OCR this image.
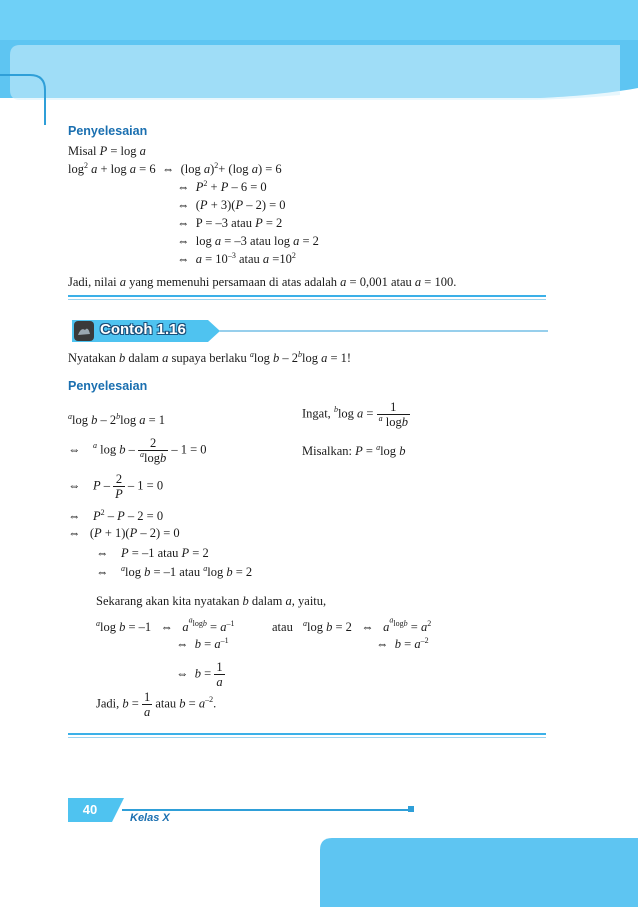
Penyelesaian
Misal P = log a
$\log^2 a + \log a = 6$  ⇔  (log a)$^2$+ (log a) = 6
⇔  $P^2 + P - 6 = 0$
⇔  (P + 3)(P – 2) = 0
⇔  P = –3 atau P = 2
⇔  log a = –3 atau log a = 2
⇔  $a = 10^{-3}$ atau $a =10^2$
Jadi, nilai a yang memenuhi persamaan di atas adalah a = 0,001 atau a = 100.
Contoh 1.16
Nyatakan b dalam a supaya berlaku $^a$log b – 2$^b$log a = 1!
Penyelesaian
$^a$log b – 2$^b$log a = 1	Ingat, $^b$log $a = \frac{1}{^a \log b}$
⇔    $^a$ $\log b - \frac{2}{^a\log b} - 1 = 0$	Misalkan: P = $^a$log b
⇔    $P - \frac{2}{P} - 1 = 0$
⇔    $P^2 - P - 2 = 0$
⇔   (P + 1)(P – 2) = 0
⇔    P = –1 atau P = 2
⇔    $^a$log b = –1 atau $^a$log b = 2
Sekarang akan kita nyatakan b dalam a, yaitu,
$^a$log b = –1   ⇔   $a^{^alogb} = a^{-1}$	atau $^a$log b = 2   ⇔   $a^{^alogb} = a^2$
⇔  $b = a^{-1}$	⇔  $b = a^{-2}$
⇔  $b = \frac{1}{a}$
Jadi, $b = \frac{1}{a}$ atau $b = a^{-2}$.
40
Kelas X
